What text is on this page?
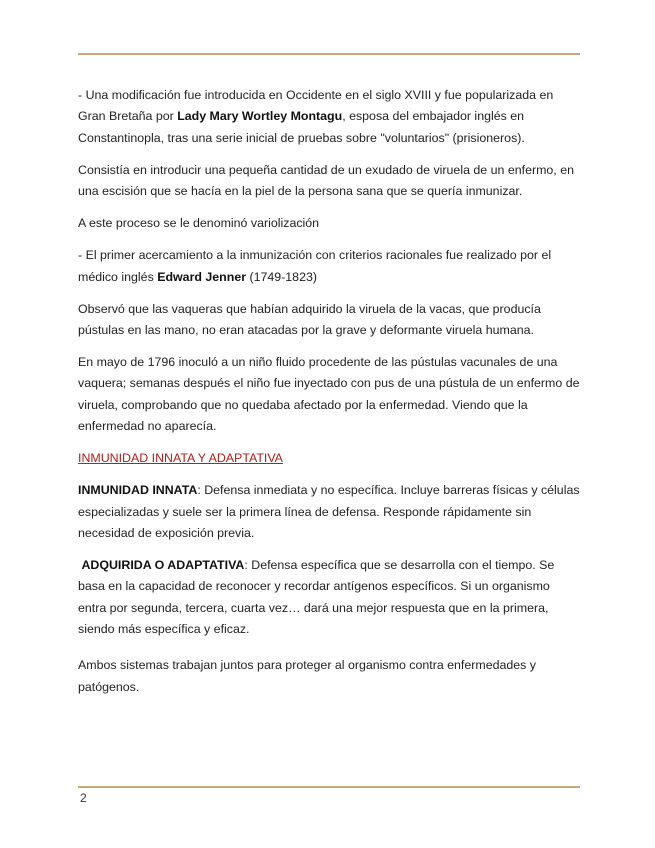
- Una modificación fue introducida en Occidente en el siglo XVIII y fue popularizada en Gran Bretaña por Lady Mary Wortley Montagu, esposa del embajador inglés en Constantinopla, tras una serie inicial de pruebas sobre "voluntarios" (prisioneros).

Consistía en introducir una pequeña cantidad de un exudado de viruela de un enfermo, en una escisión que se hacía en la piel de la persona sana que se quería inmunizar.

A este proceso se le denominó variolización

- El primer acercamiento a la inmunización con criterios racionales fue realizado por el médico inglés Edward Jenner (1749-1823)

Observó que las vaqueras que habían adquirido la viruela de la vacas, que producía pústulas en las mano, no eran atacadas por la grave y deformante viruela humana.

En mayo de 1796 inoculó a un niño fluido procedente de las pústulas vacunales de una vaquera; semanas después el niño fue inyectado con pus de una pústula de un enfermo de viruela, comprobando que no quedaba afectado por la enfermedad. Viendo que la enfermedad no aparecía.

INMUNIDAD INNATA Y ADAPTATIVA

INMUNIDAD INNATA: Defensa inmediata y no específica. Incluye barreras físicas y células especializadas y suele ser la primera línea de defensa. Responde rápidamente sin necesidad de exposición previa.

ADQUIRIDA O ADAPTATIVA: Defensa específica que se desarrolla con el tiempo. Se basa en la capacidad de reconocer y recordar antígenos específicos. Si un organismo entra por segunda, tercera, cuarta vez… dará una mejor respuesta que en la primera, siendo más específica y eficaz.

Ambos sistemas trabajan juntos para proteger al organismo contra enfermedades y patógenos.

2
